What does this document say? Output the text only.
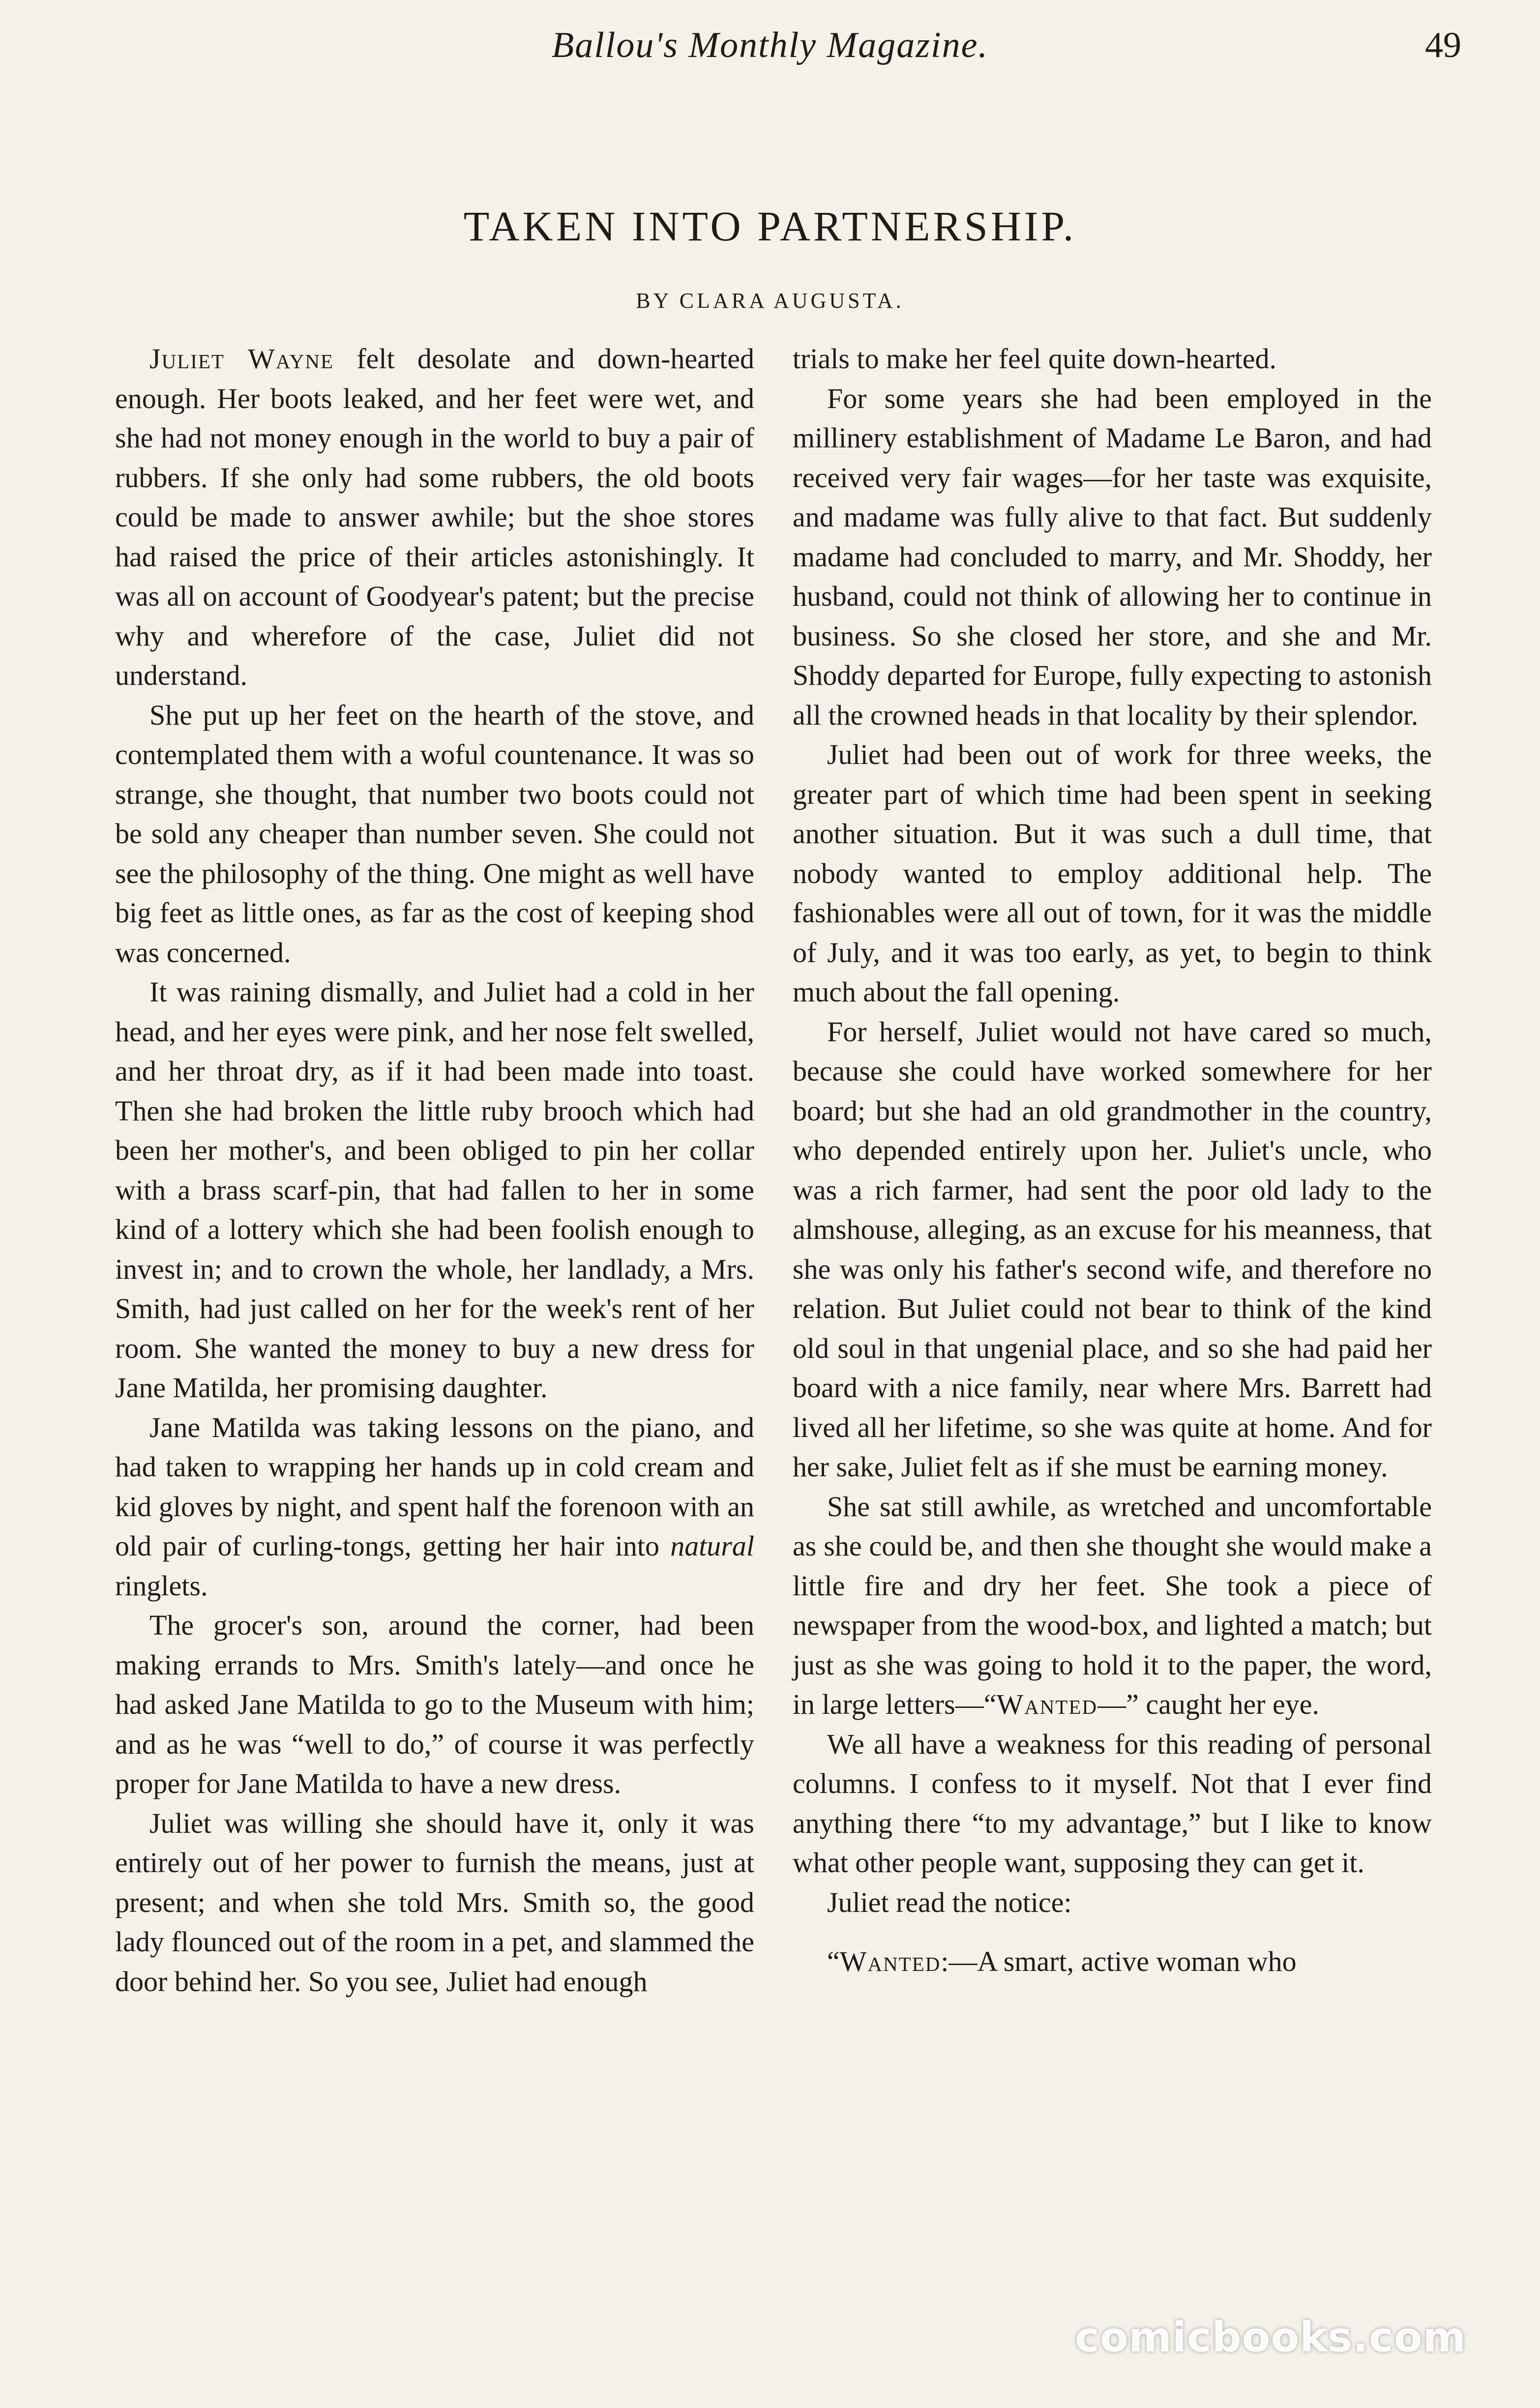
Ballou's Monthly Magazine.	49
TAKEN INTO PARTNERSHIP.
BY CLARA AUGUSTA.

Juliet Wayne felt desolate and down-hearted enough. Her boots leaked, and her feet were wet, and she had not money enough in the world to buy a pair of rubbers. If she only had some rubbers, the old boots could be made to answer awhile; but the shoe stores had raised the price of their articles astonishingly. It was all on account of Goodyear's patent; but the precise why and wherefore of the case, Juliet did not understand.

She put up her feet on the hearth of the stove, and contemplated them with a woful countenance. It was so strange, she thought, that number two boots could not be sold any cheaper than number seven. She could not see the philosophy of the thing. One might as well have big feet as little ones, as far as the cost of keeping shod was concerned.

It was raining dismally, and Juliet had a cold in her head, and her eyes were pink, and her nose felt swelled, and her throat dry, as if it had been made into toast. Then she had broken the little ruby brooch which had been her mother's, and been obliged to pin her collar with a brass scarf-pin, that had fallen to her in some kind of a lottery which she had been foolish enough to invest in; and to crown the whole, her landlady, a Mrs. Smith, had just called on her for the week's rent of her room. She wanted the money to buy a new dress for Jane Matilda, her promising daughter.

Jane Matilda was taking lessons on the piano, and had taken to wrapping her hands up in cold cream and kid gloves by night, and spent half the forenoon with an old pair of curling-tongs, getting her hair into natural ringlets.

The grocer's son, around the corner, had been making errands to Mrs. Smith's lately—and once he had asked Jane Matilda to go to the Museum with him; and as he was “well to do,” of course it was perfectly proper for Jane Matilda to have a new dress.

Juliet was willing she should have it, only it was entirely out of her power to furnish the means, just at present; and when she told Mrs. Smith so, the good lady flounced out of the room in a pet, and slammed the door behind her. So you see, Juliet had enough

trials to make her feel quite down-hearted.

For some years she had been employed in the millinery establishment of Madame Le Baron, and had received very fair wages—for her taste was exquisite, and madame was fully alive to that fact. But suddenly madame had concluded to marry, and Mr. Shoddy, her husband, could not think of allowing her to continue in business. So she closed her store, and she and Mr. Shoddy departed for Europe, fully expecting to astonish all the crowned heads in that locality by their splendor.

Juliet had been out of work for three weeks, the greater part of which time had been spent in seeking another situation. But it was such a dull time, that nobody wanted to employ additional help. The fashionables were all out of town, for it was the middle of July, and it was too early, as yet, to begin to think much about the fall opening.

For herself, Juliet would not have cared so much, because she could have worked somewhere for her board; but she had an old grandmother in the country, who depended entirely upon her. Juliet's uncle, who was a rich farmer, had sent the poor old lady to the almshouse, alleging, as an excuse for his meanness, that she was only his father's second wife, and therefore no relation. But Juliet could not bear to think of the kind old soul in that ungenial place, and so she had paid her board with a nice family, near where Mrs. Barrett had lived all her lifetime, so she was quite at home. And for her sake, Juliet felt as if she must be earning money.

She sat still awhile, as wretched and uncomfortable as she could be, and then she thought she would make a little fire and dry her feet. She took a piece of newspaper from the wood-box, and lighted a match; but just as she was going to hold it to the paper, the word, in large letters—“Wanted—” caught her eye.

We all have a weakness for this reading of personal columns. I confess to it myself. Not that I ever find anything there “to my advantage,” but I like to know what other people want, supposing they can get it.

Juliet read the notice:

“Wanted:—A smart, active woman who

comicbooks.com
